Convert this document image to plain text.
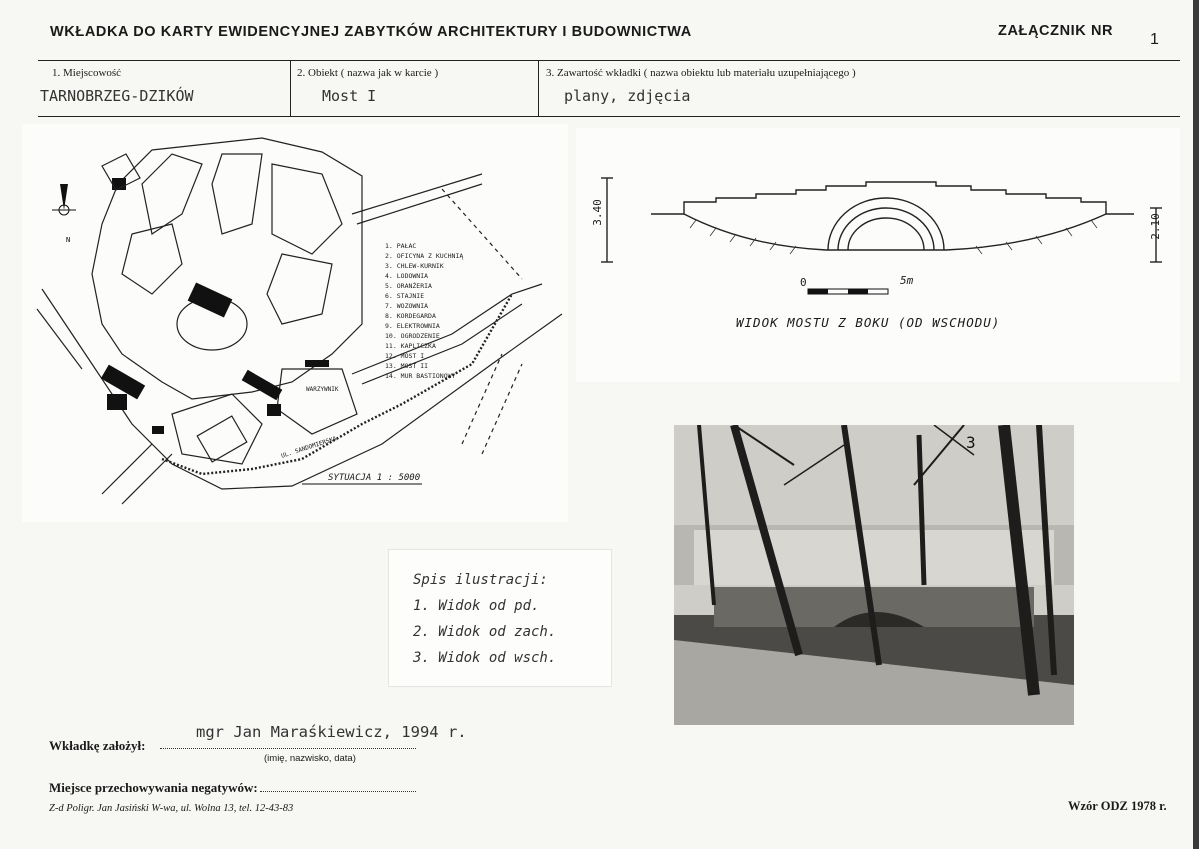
WKŁADKA DO KARTY EWIDENCYJNEJ ZABYTKÓW ARCHITEKTURY I BUDOWNICTWA	ZAŁĄCZNIK NR 1
1. Miejscowość
TARNOBRZEG-DZIKÓW
2. Obiekt ( nazwa jak w karcie )
Most I
3. Zawartość wkładki ( nazwa obiektu lub materiału uzupełniającego )
plany, zdjęcia
N
1. PAŁAC
2. OFICYNA Z KUCHNIĄ
3. CHLEW-KURNIK
4. LODOWNIA
5. ORANŻERIA
6. STAJNIE
7. WOZOWNIA
8. KORDEGARDA
9. ELEKTROWNIA
10. OGRODZENIE
11. KAPLICZKA
12. MOST I
13. MOST II
14. MUR BASTIONOWY
UL. SANDOMIERSKA
WARZYWNIK
SYTUACJA 1 : 5000
3.40
2.10
0	5m
WIDOK MOSTU Z BOKU (OD WSCHODU)
3
Spis ilustracji:
1. Widok od pd.
2. Widok od zach.
3. Widok od wsch.
mgr Jan Maraśkiewicz, 1994 r.
Wkładkę założył:
(imię, nazwisko, data)
Miejsce przechowywania negatywów:
Z-d Poligr. Jan Jasiński W-wa, ul. Wolna 13, tel. 12-43-83	Wzór ODZ 1978 r.
